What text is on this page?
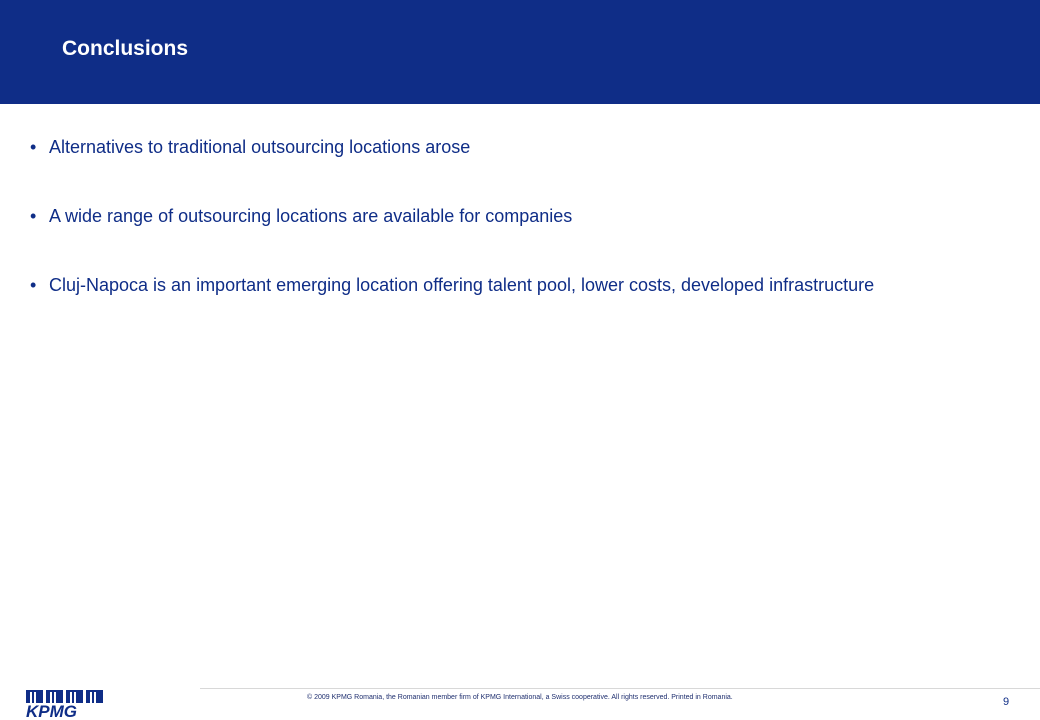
Conclusions
• Alternatives to traditional outsourcing locations arose
• A wide range of outsourcing locations are available for companies
• Cluj-Napoca is an important emerging location offering talent pool, lower costs, developed infrastructure
KPMG

© 2009 KPMG Romania, the Romanian member firm of KPMG International, a Swiss cooperative. All rights reserved. Printed in Romania.	9
